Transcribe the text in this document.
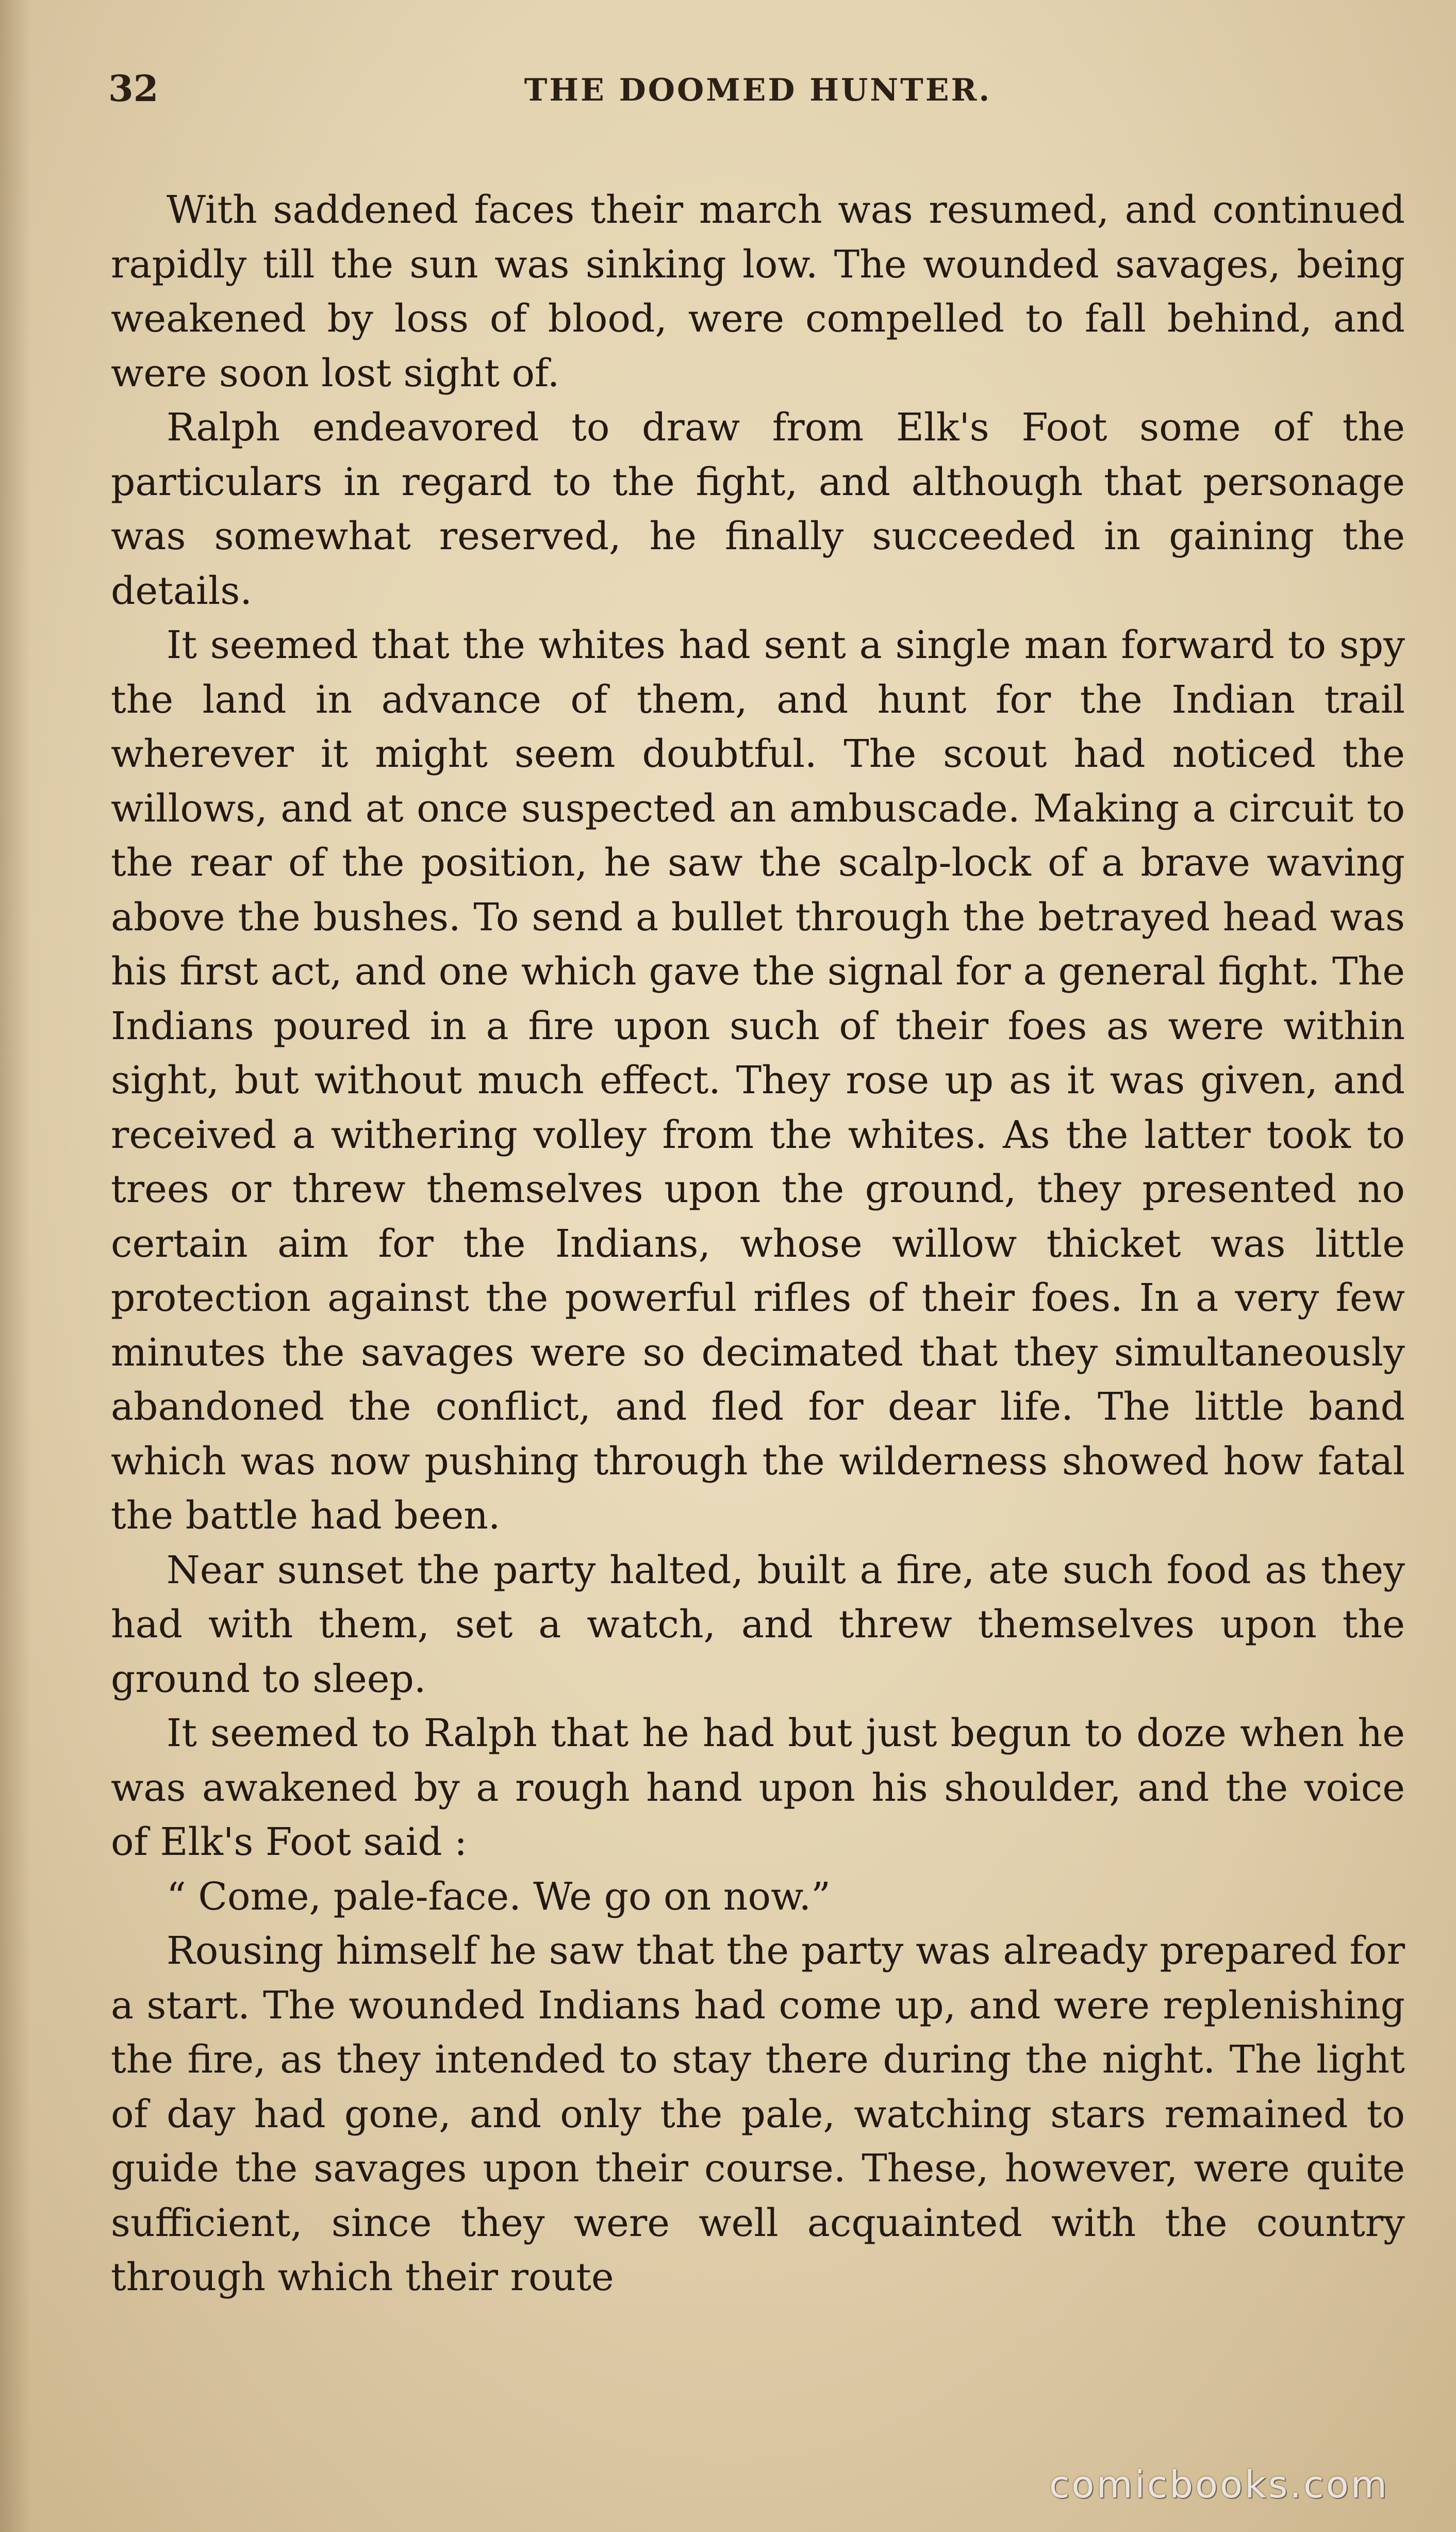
32	THE DOOMED HUNTER.

With saddened faces their march was resumed, and continued rapidly till the sun was sinking low. The wounded savages, being weakened by loss of blood, were compelled to fall behind, and were soon lost sight of.

Ralph endeavored to draw from Elk's Foot some of the particulars in regard to the fight, and although that personage was somewhat reserved, he finally succeeded in gaining the details.

It seemed that the whites had sent a single man forward to spy the land in advance of them, and hunt for the Indian trail wherever it might seem doubtful. The scout had noticed the willows, and at once suspected an ambuscade. Making a circuit to the rear of the position, he saw the scalp-lock of a brave waving above the bushes. To send a bullet through the betrayed head was his first act, and one which gave the signal for a general fight. The Indians poured in a fire upon such of their foes as were within sight, but without much effect. They rose up as it was given, and received a withering volley from the whites. As the latter took to trees or threw themselves upon the ground, they presented no certain aim for the Indians, whose willow thicket was little protection against the powerful rifles of their foes. In a very few minutes the savages were so decimated that they simultaneously abandoned the conflict, and fled for dear life. The little band which was now pushing through the wilderness showed how fatal the battle had been.

Near sunset the party halted, built a fire, ate such food as they had with them, set a watch, and threw themselves upon the ground to sleep.

It seemed to Ralph that he had but just begun to doze when he was awakened by a rough hand upon his shoulder, and the voice of Elk's Foot said :

“ Come, pale-face. We go on now.”

Rousing himself he saw that the party was already prepared for a start. The wounded Indians had come up, and were replenishing the fire, as they intended to stay there during the night. The light of day had gone, and only the pale, watching stars remained to guide the savages upon their course. These, however, were quite sufficient, since they were well acquainted with the country through which their route

comicbooks.com
